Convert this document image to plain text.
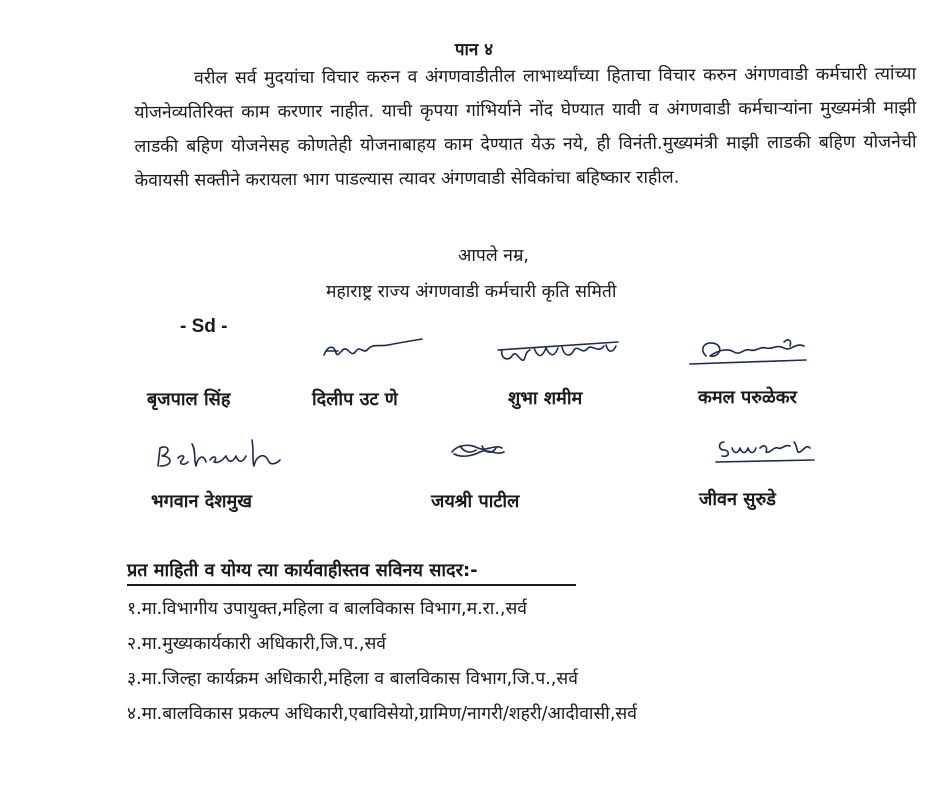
पान ४

वरील सर्व मुदयांचा विचार करुन व अंगणवाडीतील लाभार्थ्यांच्या हिताचा विचार करुन अंगणवाडी कर्मचारी त्यांच्या योजनेव्यतिरिक्त काम करणार नाहीत. याची कृपया गांभिर्याने नोंद घेण्यात यावी व अंगणवाडी कर्मचाऱ्यांना मुख्यमंत्री माझी लाडकी बहिण योजनेसह कोणतेही योजनाबाहय काम देण्यात येऊ नये, ही विनंती.मुख्यमंत्री माझी लाडकी बहिण योजनेची केवायसी सक्तीने करायला भाग पाडल्यास त्यावर अंगणवाडी सेविकांचा बहिष्कार राहील.

आपले नम्र,
महाराष्ट्र राज्य अंगणवाडी कर्मचारी कृति समिती
- Sd -
बृजपाल सिंह	दिलीप उट णे	शुभा शमीम	कमल परुळेकर
भगवान देशमुख	जयश्री पाटील	जीवन सुरुडे
प्रत माहिती व योग्य त्या कार्यवाहीस्तव सविनय सादर:-
१.मा.विभागीय उपायुक्त,महिला व बालविकास विभाग,म.रा.,सर्व
२.मा.मुख्यकार्यकारी अधिकारी,जि.प.,सर्व
३.मा.जिल्हा कार्यक्रम अधिकारी,महिला व बालविकास विभाग,जि.प.,सर्व
४.मा.बालविकास प्रकल्प अधिकारी,एबाविसेयो,ग्रामिण/नागरी/शहरी/आदीवासी,सर्व
